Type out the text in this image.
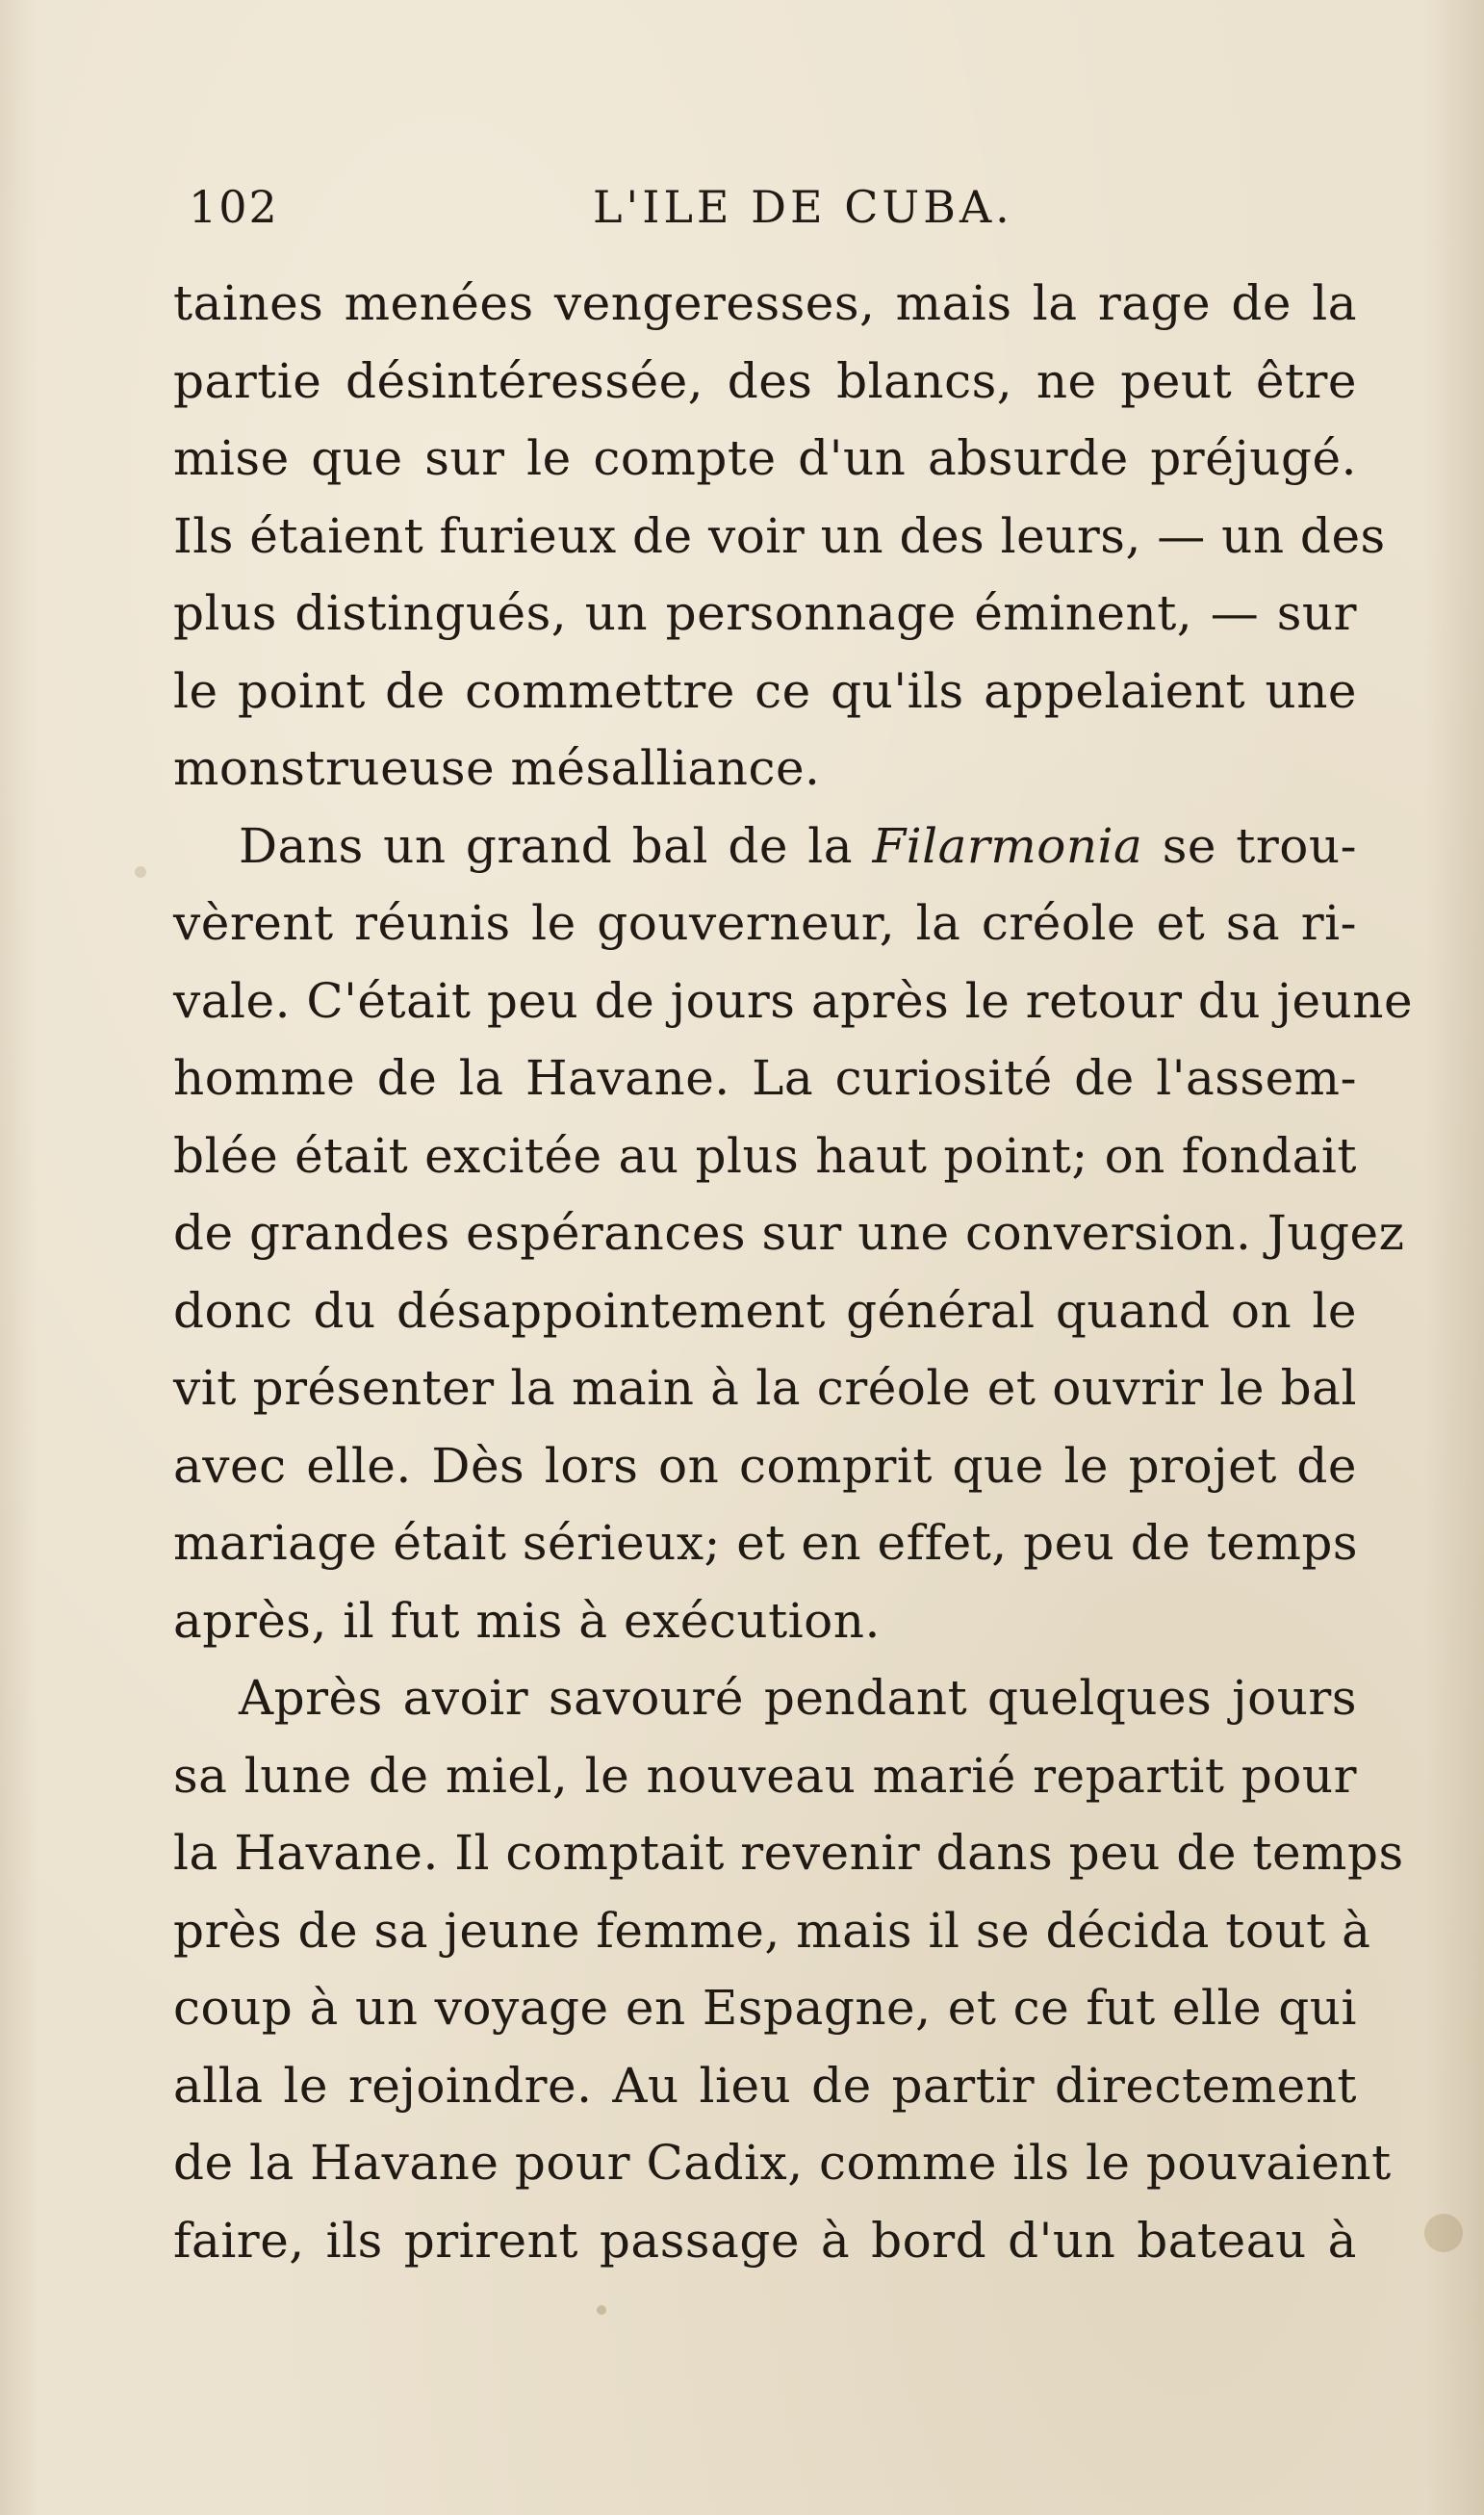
102	L'ILE DE CUBA.
taines menées vengeresses, mais la rage de la
partie désintéressée, des blancs, ne peut être
mise que sur le compte d'un absurde préjugé.
Ils étaient furieux de voir un des leurs, — un des
plus distingués, un personnage éminent, — sur
le point de commettre ce qu'ils appelaient une
monstrueuse mésalliance.
Dans un grand bal de la Filarmonia se trou-
vèrent réunis le gouverneur, la créole et sa ri-
vale. C'était peu de jours après le retour du jeune
homme de la Havane. La curiosité de l'assem-
blée était excitée au plus haut point; on fondait
de grandes espérances sur une conversion. Jugez
donc du désappointement général quand on le
vit présenter la main à la créole et ouvrir le bal
avec elle. Dès lors on comprit que le projet de
mariage était sérieux; et en effet, peu de temps
après, il fut mis à exécution.
Après avoir savouré pendant quelques jours
sa lune de miel, le nouveau marié repartit pour
la Havane. Il comptait revenir dans peu de temps
près de sa jeune femme, mais il se décida tout à
coup à un voyage en Espagne, et ce fut elle qui
alla le rejoindre. Au lieu de partir directement
de la Havane pour Cadix, comme ils le pouvaient
faire, ils prirent passage à bord d'un bateau à
